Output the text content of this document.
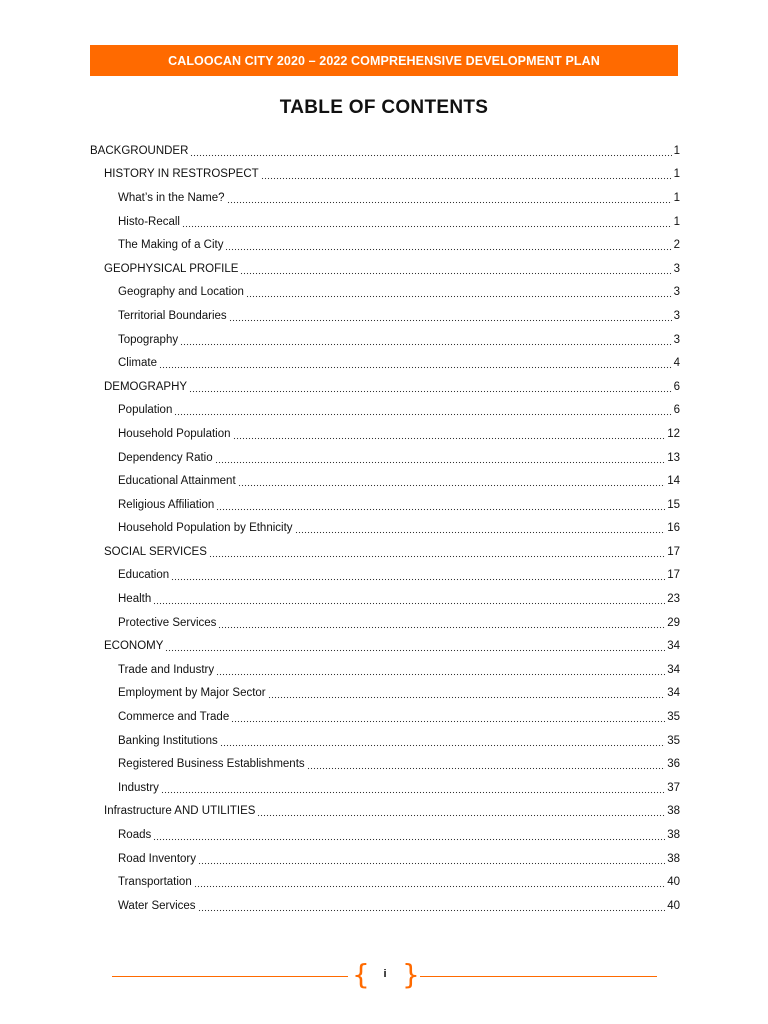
CALOOCAN CITY 2020 – 2022 COMPREHENSIVE DEVELOPMENT PLAN
TABLE OF CONTENTS
BACKGROUNDER	1
HISTORY IN RESTROSPECT	1
What’s in the Name?	1
Histo-Recall	1
The Making of a City	2
GEOPHYSICAL PROFILE	3
Geography and Location	3
Territorial Boundaries	3
Topography	3
Climate	4
DEMOGRAPHY	6
Population	6
Household Population	12
Dependency Ratio	13
Educational Attainment	14
Religious Affiliation	15
Household Population by Ethnicity	16
SOCIAL SERVICES	17
Education	17
Health	23
Protective Services	29
ECONOMY	34
Trade and Industry	34
Employment by Major Sector	34
Commerce and Trade	35
Banking Institutions	35
Registered Business Establishments	36
Industry	37
Infrastructure AND UTILITIES	38
Roads	38
Road Inventory	38
Transportation	40
Water Services	40
{	i }
